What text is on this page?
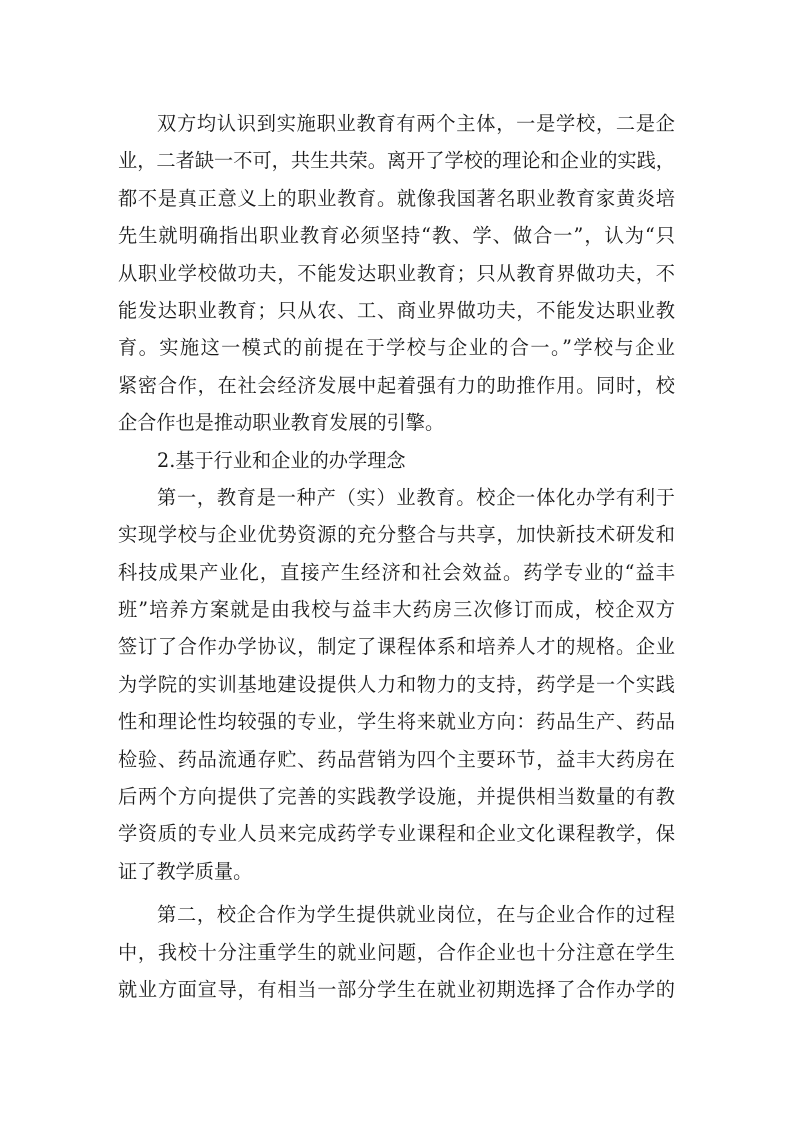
双方均认识到实施职业教育有两个主体，一是学校，二是企
业，二者缺一不可，共生共荣。离开了学校的理论和企业的实践，
都不是真正意义上的职业教育。就像我国著名职业教育家黄炎培
先生就明确指出职业教育必须坚持“教、学、做合一”，认为“只
从职业学校做功夫，不能发达职业教育；只从教育界做功夫，不
能发达职业教育；只从农、工、商业界做功夫，不能发达职业教
育。实施这一模式的前提在于学校与企业的合一。”学校与企业
紧密合作，在社会经济发展中起着强有力的助推作用。同时，校
企合作也是推动职业教育发展的引擎。
2.基于行业和企业的办学理念
第一，教育是一种产（实）业教育。校企一体化办学有利于
实现学校与企业优势资源的充分整合与共享，加快新技术研发和
科技成果产业化，直接产生经济和社会效益。药学专业的“益丰
班”培养方案就是由我校与益丰大药房三次修订而成，校企双方
签订了合作办学协议，制定了课程体系和培养人才的规格。企业
为学院的实训基地建设提供人力和物力的支持，药学是一个实践
性和理论性均较强的专业，学生将来就业方向：药品生产、药品
检验、药品流通存贮、药品营销为四个主要环节，益丰大药房在
后两个方向提供了完善的实践教学设施，并提供相当数量的有教
学资质的专业人员来完成药学专业课程和企业文化课程教学，保
证了教学质量。
第二，校企合作为学生提供就业岗位，在与企业合作的过程
中，我校十分注重学生的就业问题，合作企业也十分注意在学生
就业方面宣导，有相当一部分学生在就业初期选择了合作办学的
